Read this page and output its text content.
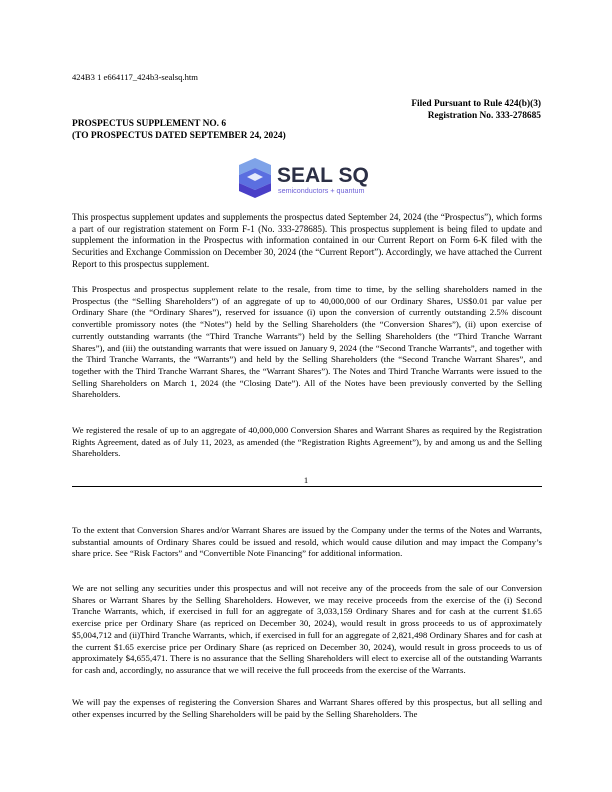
424B3 1 e664117_424b3-sealsq.htm
Filed Pursuant to Rule 424(b)(3)
Registration No. 333-278685
PROSPECTUS SUPPLEMENT NO. 6
(TO PROSPECTUS DATED SEPTEMBER 24, 2024)
SEAL SQ
semiconductors + quantum
This prospectus supplement updates and supplements the prospectus dated September 24, 2024 (the “Prospectus”), which forms a part of our registration statement on Form F-1 (No. 333-278685). This prospectus supplement is being filed to update and supplement the information in the Prospectus with information contained in our Current Report on Form 6-K filed with the Securities and Exchange Commission on December 30, 2024 (the “Current Report”). Accordingly, we have attached the Current Report to this prospectus supplement.
This Prospectus and prospectus supplement relate to the resale, from time to time, by the selling shareholders named in the Prospectus (the “Selling Shareholders”) of an aggregate of up to 40,000,000 of our Ordinary Shares, US$0.01 par value per Ordinary Share (the “Ordinary Shares”), reserved for issuance (i) upon the conversion of currently outstanding 2.5% discount convertible promissory notes (the “Notes”) held by the Selling Shareholders (the “Conversion Shares”), (ii) upon exercise of currently outstanding warrants (the “Third Tranche Warrants”) held by the Selling Shareholders (the “Third Tranche Warrant Shares”), and (iii) the outstanding warrants that were issued on January 9, 2024 (the “Second Tranche Warrants”, and together with the Third Tranche Warrants, the “Warrants”) and held by the Selling Shareholders (the “Second Tranche Warrant Shares”, and together with the Third Tranche Warrant Shares, the “Warrant Shares”). The Notes and Third Tranche Warrants were issued to the Selling Shareholders on March 1, 2024 (the “Closing Date”). All of the Notes have been previously converted by the Selling Shareholders.
We registered the resale of up to an aggregate of 40,000,000 Conversion Shares and Warrant Shares as required by the Registration Rights Agreement, dated as of July 11, 2023, as amended (the “Registration Rights Agreement”), by and among us and the Selling Shareholders.
1
To the extent that Conversion Shares and/or Warrant Shares are issued by the Company under the terms of the Notes and Warrants, substantial amounts of Ordinary Shares could be issued and resold, which would cause dilution and may impact the Company’s share price. See “Risk Factors” and “Convertible Note Financing” for additional information.
We are not selling any securities under this prospectus and will not receive any of the proceeds from the sale of our Conversion Shares or Warrant Shares by the Selling Shareholders. However, we may receive proceeds from the exercise of the (i) Second Tranche Warrants, which, if exercised in full for an aggregate of 3,033,159 Ordinary Shares and for cash at the current $1.65 exercise price per Ordinary Share (as repriced on December 30, 2024), would result in gross proceeds to us of approximately $5,004,712 and (ii)Third Tranche Warrants, which, if exercised in full for an aggregate of 2,821,498 Ordinary Shares and for cash at the current $1.65 exercise price per Ordinary Share (as repriced on December 30, 2024), would result in gross proceeds to us of approximately $4,655,471. There is no assurance that the Selling Shareholders will elect to exercise all of the outstanding Warrants for cash and, accordingly, no assurance that we will receive the full proceeds from the exercise of the Warrants.
We will pay the expenses of registering the Conversion Shares and Warrant Shares offered by this prospectus, but all selling and other expenses incurred by the Selling Shareholders will be paid by the Selling Shareholders. The
